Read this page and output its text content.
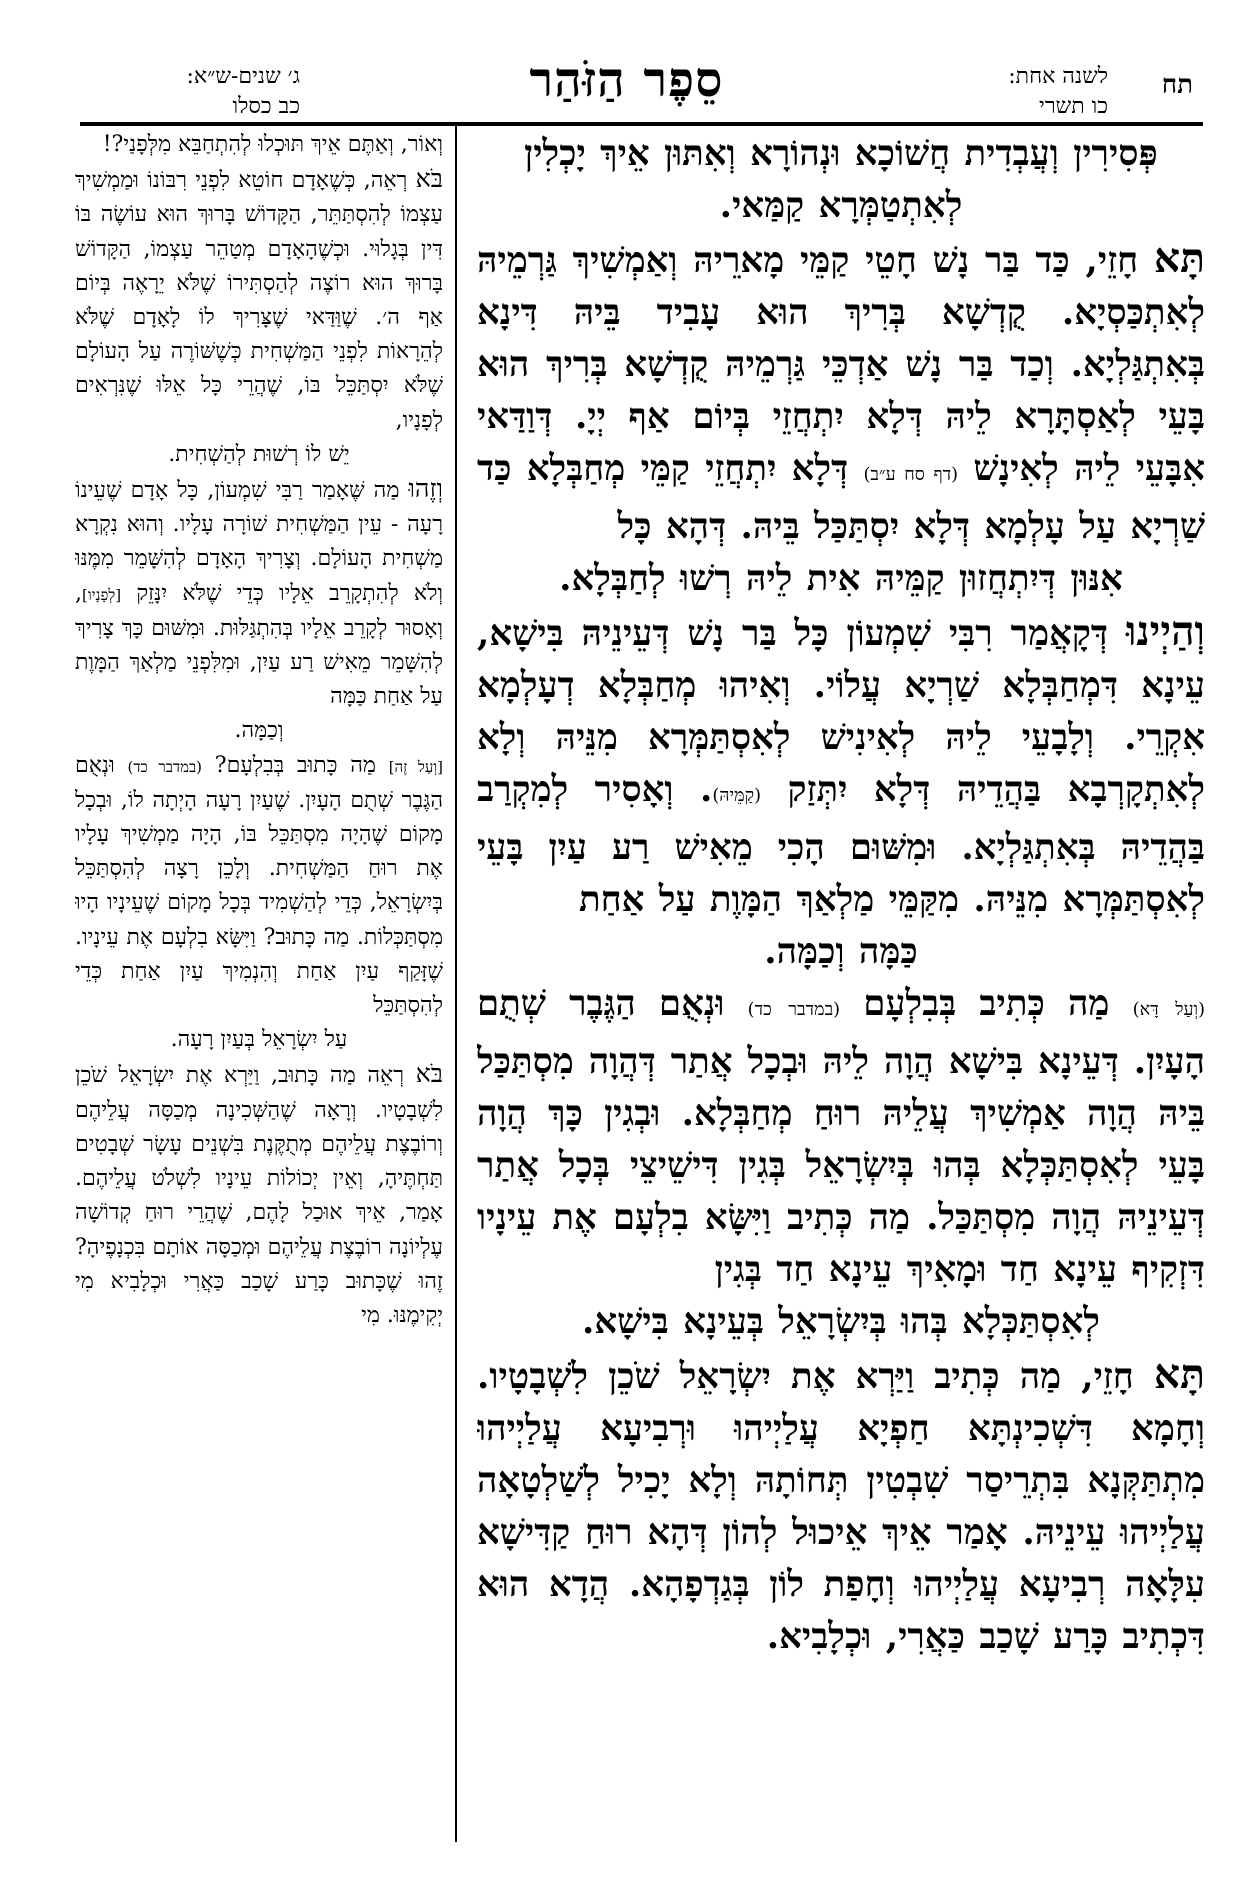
תח
לשנה אחת:
כו תשרי
סֵפֶר הַזֹּהַר
ג׳ שנים-ש״א:
כב כסלו

פְּסִירִין וְעֲבְדִית חֲשׁוֹכָא וּנְהוֹרָא וְאִתּוּן אֵיךְ יָכְלִין לְאִתְטַמְּרָא קַמַּאי.

תָּא חָזֵי, כַּד בַּר נָשׁ חָטֵי קַמֵּי מָארֵיהּ וְאַמְשִׁיךְ גַּרְמֵיהּ לְאִתְכַּסְיָא. קֻדְשָׁא בְּרִיךְ הוּא עָבִיד בֵּיהּ דִּינָא בְּאִתְגַּלְיָא. וְכַד בַּר נָשׁ אַדְכֵּי גַּרְמֵיהּ קֻדְשָׁא בְּרִיךְ הוּא בָּעֵי לְאַסְתָּרָא לֵיהּ דְּלָא יִתְחֲזֵי בְּיוֹם אַף יְיָ. דְּוַדַּאי אִבָּעֵי לֵיהּ לְאִינָשׁ (דף סח ע״ב) דְּלָא יִתְחֲזֵי קַמֵּי מְחַבְּלָא כַּד שַׁרְיָא עַל עָלְמָא דְּלָא יִסְתַּכַּל בֵּיהּ. דְּהָא כָּל

אִנּוּן דְּיִתְחֲזוּן קַמֵּיהּ אִית לֵיהּ רְשׁוּ לְחַבְּלָא.

וְהַיְינוּ דְּקָאֲמַר רִבִּי שִׁמְעוֹן כָּל בַּר נָשׁ דְּעֵינֵיהּ בִּישָׁא, עֵינָא דִּמְחַבְּלָא שַׁרְיָא עֲלוֹי. וְאִיהוּ מְחַבְּלָא דְעָלְמָא אִקְרֵי. וְלָבָעֵי לֵיהּ לְאִינִישׁ לְאִסְתַּמְּרָא מִנֵּיהּ וְלָא לְאִתְקָרְבָא בַּהֲדֵיהּ דְּלָא יִתְּזַק (קַמֵּיהּ). וְאָסִיר לְמִקְרַב בַּהֲדֵיהּ בְּאִתְגַּלְיָא. וּמִשּׁוּם הָכִי מֵאִישׁ רַע עַיִן בָּעֵי לְאִסְתַּמְּרָא מִנֵּיהּ. מִקַּמֵּי מַלְאַךְ הַמָּוֶת עַל אַחַת

כַּמָּה וְכַמָּה.

(וְעַל דָּא) מַה כְּתִיב בְּבִלְעָם (במדבר כד) וּנְאֻם הַגֶּבֶר שְׁתֻם הָעָיִן. דְּעֵינָא בִּישָׁא הֲוָה לֵיהּ וּבְכָל אֲתַר דְּהֲוָה מִסְתַּכַּל בֵּיהּ הֲוָה אַמְשִׁיךְ עֲלֵיהּ רוּחַ מְחַבְּלָא. וּבְגִין כָּךְ הֲוָה בָּעֵי לְאִסְתַּכְּלָא בְּהוּ בְּיִשְׂרָאֵל בְּגִין דִּישֵׁיצֵי בְּכָל אֲתַר דְּעֵינֵיהּ הֲוָה מִסְתַּכַּל. מַה כְּתִיב וַיִּשָּׂא בִלְעָם אֶת עֵינָיו דִּזְקִיף עֵינָא חַד וּמָאִיךְ עֵינָא חַד בְּגִין

לְאִסְתַּכְּלָא בְּהוּ בְּיִשְׂרָאֵל בְּעֵינָא בִּישָׁא.

תָּא חָזֵי, מַה כְּתִיב וַיַּרְא אֶת יִשְׂרָאֵל שֹׁכֵן לִשְׁבָטָיו. וְחָמָא דִּשְׁכִינְתָּא חַפְיָא עֲלַיְיהוּ וּרְבִיעָא עֲלַיְיהוּ מִתְתַּקְּנָא בִּתְרֵיסַר שִׁבְטִין תְּחוֹתָהּ וְלָא יָכִיל לְשַׁלְטָאָה עֲלַיְיהוּ עֵינֵיהּ. אָמַר אֵיךְ אֵיכוּל לְהוֹן דְּהָא רוּחַ קַדִּישָׁא עִלָּאָה רְבִיעָא עֲלַיְיהוּ וְחָפַת לוֹן בְּגַדְפָהָא. הֲדָא הוּא דִּכְתִיב כָּרַע שָׁכַב כַּאֲרִי, וּכְלָבִיא.

וְאוֹר, וְאַתֶּם אֵיךְ תּוּכְלוּ לְהִתְחַבֵּא מִלְּפָנַי?!

בֹּא רְאֵה, כְּשֶׁאָדָם חוֹטֵא לִפְנֵי רִבּוֹנוֹ וּמַמְשִׁיךְ עַצְמוֹ לְהִסְתַּתֵּר, הַקָּדוֹשׁ בָּרוּךְ הוּא עוֹשֶׂה בּוֹ דִּין בְּגָלוּי. וּכְשֶׁהָאָדָם מְטַהֵר עַצְמוֹ, הַקָּדוֹשׁ בָּרוּךְ הוּא רוֹצֶה לְהַסְתִּירוֹ שֶׁלֹּא יֵרָאֶה בְּיוֹם אַף ה׳. שֶׁוַּדַּאי שֶׁצָּרִיךְ לוֹ לָאָדָם שֶׁלֹּא לְהֵרָאוֹת לִפְנֵי הַמַּשְׁחִית כְּשֶׁשּׁוֹרֶה עַל הָעוֹלָם שֶׁלֹּא יִסְתַּכֵּל בּוֹ, שֶׁהֲרֵי כָּל אֵלּוּ שֶׁנִּרְאִים לְפָנָיו,

יֵשׁ לוֹ רְשׁוּת לְהַשְׁחִית.

וְזֶהוּ מַה שֶּׁאָמַר רַבִּי שִׁמְעוֹן, כָּל אָדָם שֶׁעֵינוֹ רָעָה - עֵין הַמַּשְׁחִית שׁוֹרָה עָלָיו. וְהוּא נִקְרָא מַשְׁחִית הָעוֹלָם. וְצָרִיךְ הָאָדָם לְהִשָּׁמֵר מִמֶּנּוּ וְלֹא לְהִתְקָרֵב אֵלָיו כְּדֵי שֶׁלֹּא יִנָּזֵק [לְפָנָיו], וְאָסוּר לְקָרֵב אֵלָיו בְּהִתְגַּלּוּת. וּמִשּׁוּם כָּךְ צָרִיךְ לְהִשָּׁמֵר מֵאִישׁ רַע עַיִן, וּמִלִּפְנֵי מַלְאַךְ הַמָּוֶת עַל אַחַת כַּמָּה

וְכַמָּה.

[וְעַל זֶה] מַה כָּתוּב בְּבִלְעָם? (במדבר כד) וּנְאֻם הַגֶּבֶר שְׁתֻם הָעָיִן. שֶׁעַיִן רָעָה הָיְתָה לוֹ, וּבְכָל מָקוֹם שֶׁהָיָה מִסְתַּכֵּל בּוֹ, הָיָה מַמְשִׁיךְ עָלָיו אֶת רוּחַ הַמַּשְׁחִית. וְלָכֵן רָצָה לְהִסְתַּכֵּל בְּיִשְׂרָאֵל, כְּדֵי לְהַשְׁמִיד בְּכָל מָקוֹם שֶׁעֵינָיו הָיוּ מִסְתַּכְּלוֹת. מַה כָּתוּב? וַיִּשָּׂא בִלְעָם אֶת עֵינָיו. שֶׁזָּקַף עַיִן אַחַת וְהִנְמִיךְ עַיִן אַחַת כְּדֵי לְהִסְתַּכֵּל

עַל יִשְׂרָאֵל בְּעַיִן רָעָה.

בֹּא רְאֵה מַה כָּתוּב, וַיַּרְא אֶת יִשְׂרָאֵל שֹׁכֵן לִשְׁבָטָיו. וְרָאָה שֶׁהַשְּׁכִינָה מְכַסָּה עֲלֵיהֶם וְרוֹבֶצֶת עֲלֵיהֶם מְתֻקֶּנֶת בִּשְׁנֵים עָשָׂר שְׁבָטִים תַּחְתֶּיהָ, וְאֵין יְכוֹלוֹת עֵינָיו לִשְׁלֹט עֲלֵיהֶם. אָמַר, אֵיךְ אוּכַל לָהֶם, שֶׁהֲרֵי רוּחַ קְדוֹשָׁה עֶלְיוֹנָה רוֹבֶצֶת עֲלֵיהֶם וּמְכַסָּה אוֹתָם בִּכְנָפֶיהָ? זֶהוּ שֶׁכָּתוּב כָּרַע שָׁכַב כַּאֲרִי וּכְלָבִיא מִי יְקִימֶנּוּ. מִי
